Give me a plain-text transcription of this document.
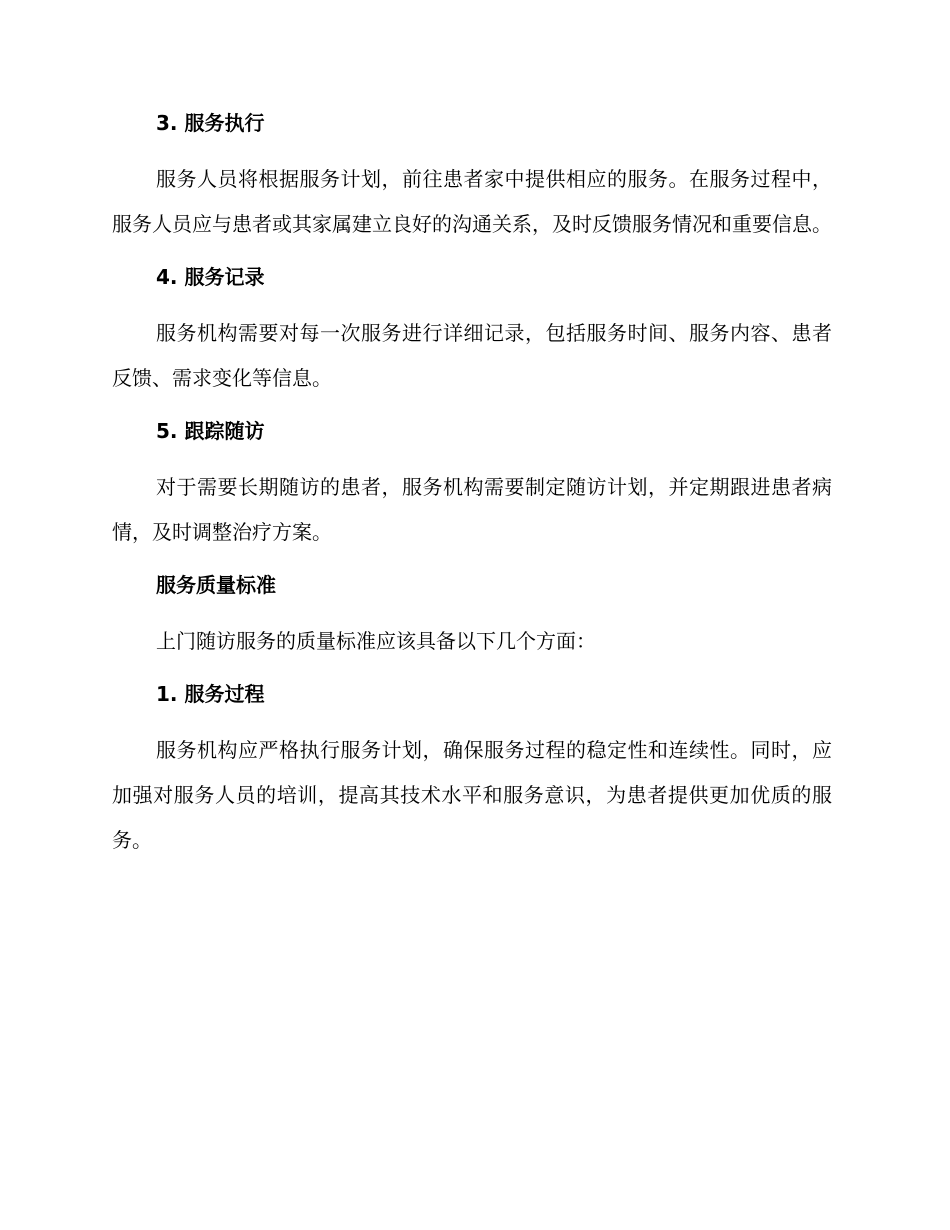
3. 服务执行

服务人员将根据服务计划，前往患者家中提供相应的服务。在服务过程中，服务人员应与患者或其家属建立良好的沟通关系，及时反馈服务情况和重要信息。

4. 服务记录

服务机构需要对每一次服务进行详细记录，包括服务时间、服务内容、患者反馈、需求变化等信息。

5. 跟踪随访

对于需要长期随访的患者，服务机构需要制定随访计划，并定期跟进患者病情，及时调整治疗方案。

服务质量标准

上门随访服务的质量标准应该具备以下几个方面：

1. 服务过程

服务机构应严格执行服务计划，确保服务过程的稳定性和连续性。同时，应加强对服务人员的培训，提高其技术水平和服务意识，为患者提供更加优质的服务。
